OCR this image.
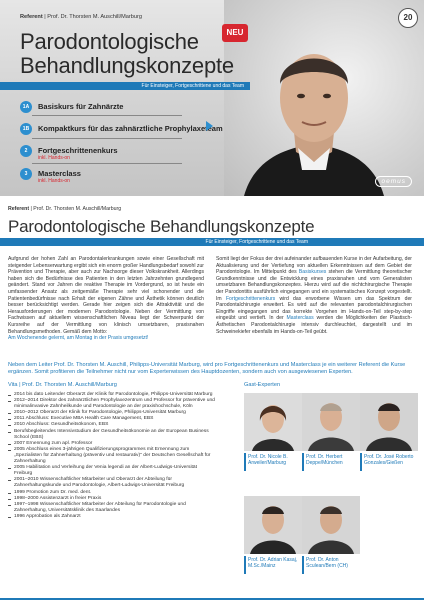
Referent | Prof. Dr. Thorsten M. Auschill/Marburg
Parodontologische
Behandlungskonzepte
NEU
Für Einsteiger, Fortgeschrittene und das Team
20
oemus
1A	Basiskurs für Zahnärzte
1B	Kompaktkurs für das zahnärztliche Prophylaxeteam
2	Fortgeschrittenenkurs
inkl. Hands-on
3	Masterclass
inkl. Hands-on
Referent | Prof. Dr. Thorsten M. Auschill/Marburg
Parodontologische Behandlungskonzepte
Für Einsteiger, Fortgeschrittene und das Team
Aufgrund der hohen Zahl an Parodontalerkrankungen sowie einer Gesellschaft mit steigender Lebenserwartung ergibt sich ein enorm großer Handlungsbedarf sowohl zur Prävention und Therapie, aber auch zur Nachsorge dieser Volkskrankheit. Allerdings haben sich die Bedürfnisse des Patienten in den letzten Jahrzehnten grundlegend geändert. Stand vor Jahren die reaktive Therapie im Vordergrund, so ist heute ein umfassender Ansatz als zeitgemäße Therapie sehr viel schonender und die Patientenbedürfnisse nach Erhalt der eigenen Zähne und Ästhetik können deutlich besser berücksichtigt werden. Gerade hier zeigen sich die Attraktivität und die Herausforderungen der modernen Parodontologie. Neben der Vermittlung von Fachwissen auf aktuellem wissenschaftlichen Niveau liegt der Schwerpunkt der Kursreihe auf der Vermittlung von klinisch umsetzbaren, praxisnahen Behandlungsmethoden. Gemäß dem Motto:
Am Wochenende gelernt, am Montag in der Praxis umgesetzt!
Somit liegt der Fokus der drei aufeinander aufbauenden Kurse in der Aufarbeitung, der Aktualisierung und der Vertiefung von aktuellen Erkenntnissen auf dem Gebiet der Parodontologie. Im Mittelpunkt des Basiskurses stehen die Vermittlung theoretischer Grundkenntnisse und die Entwicklung eines praxisnahen und vom Generalisten umsetzbaren Behandlungskonzeptes. Hierzu wird auf die nichtchirurgische Therapie der Parodontitis ausführlich eingegangen und ein systematisches Konzept vorgestellt. Im Fortgeschrittenenkurs wird das erworbene Wissen um das Spektrum der Parodontalchirurgie erweitert. Es wird auf die relevanten parodontalchirurgischen Eingriffe eingegangen und das korrekte Vorgehen im Hands-on-Teil step-by-step eingeübt und vertieft. In der Masterclass werden die Möglichkeiten der Plastisch-Ästhetischen Parodontalchirurgie intensiv durchleuchtet, dargestellt und im Schweinekiefer ebenfalls im Hands-on-Teil geübt.
Neben dem Leiter Prof. Dr. Thorsten M. Auschill, Philipps-Universität Marburg, wird pro Fortgeschrittenenkurs und Masterclass je ein weiterer Referent die Kurse ergänzen. Somit profitieren die Teilnehmer nicht nur vom Expertenwissen des Hauptdozenten, sondern auch von ausgewiesenen Experten.
Vita | Prof. Dr. Thorsten M. Auschill/Marburg
2014 bis dato Leitender Oberarzt der Klinik für Parodontologie, Philipps-Universität Marburg
2012–2014 Direktor des zahnärztlichen Prophylaxezentrum und Professor für präventive und minimalinvasive Zahnheilkunde und Parodontologie an der praxishochschule, Köln
2010–2012 Oberarzt der Klinik für Parodontologie, Philipps-Universität Marburg
2011 Abschluss: Executive MBA Health Care Management, EBS
2010 Abschluss: Gesundheitsökonom, EBS
Berufsbegleitendes Intensivstudium der Gesundheitsökonomie an der European Business School (EBS)
2007 Ernennung zum apl. Professor
2005 Abschluss eines 3-jährigen Qualifizierungsprogrammes mit Ernennung zum „Spezialisten für Zahnerhaltung (präventiv und restaurativ)" der Deutschen Gesellschaft für Zahnerhaltung
2005 Habilitation und Verleihung der Venia legendi an der Albert-Ludwigs-Universität Freiburg
2001–2010 Wissenschaftlicher Mitarbeiter und Oberarzt der Abteilung für Zahnerhaltungskunde und Parodontologie, Albert-Ludwigs-Universität Freiburg
1999 Promotion zum Dr. med. dent.
1998–2000 Assistenzarzt in freier Praxis
1997–1998 Wissenschaftlicher Mitarbeiter der Abteilung für Parodontologie und Zahnerhaltung, Universitätsklinik des Saarlandes
1996 Approbation als Zahnarzt
Gast-Experten
Prof. Dr. Nicole B. Arweiler/Marburg
Prof. Dr. Herbert Deppe/München
Prof. Dr. José Roberto Gonzales/Gießen
Prof. Dr. Adrian Kasaj, M.Sc./Mainz
Prof. Dr. Anton Sculean/Bern (CH)
